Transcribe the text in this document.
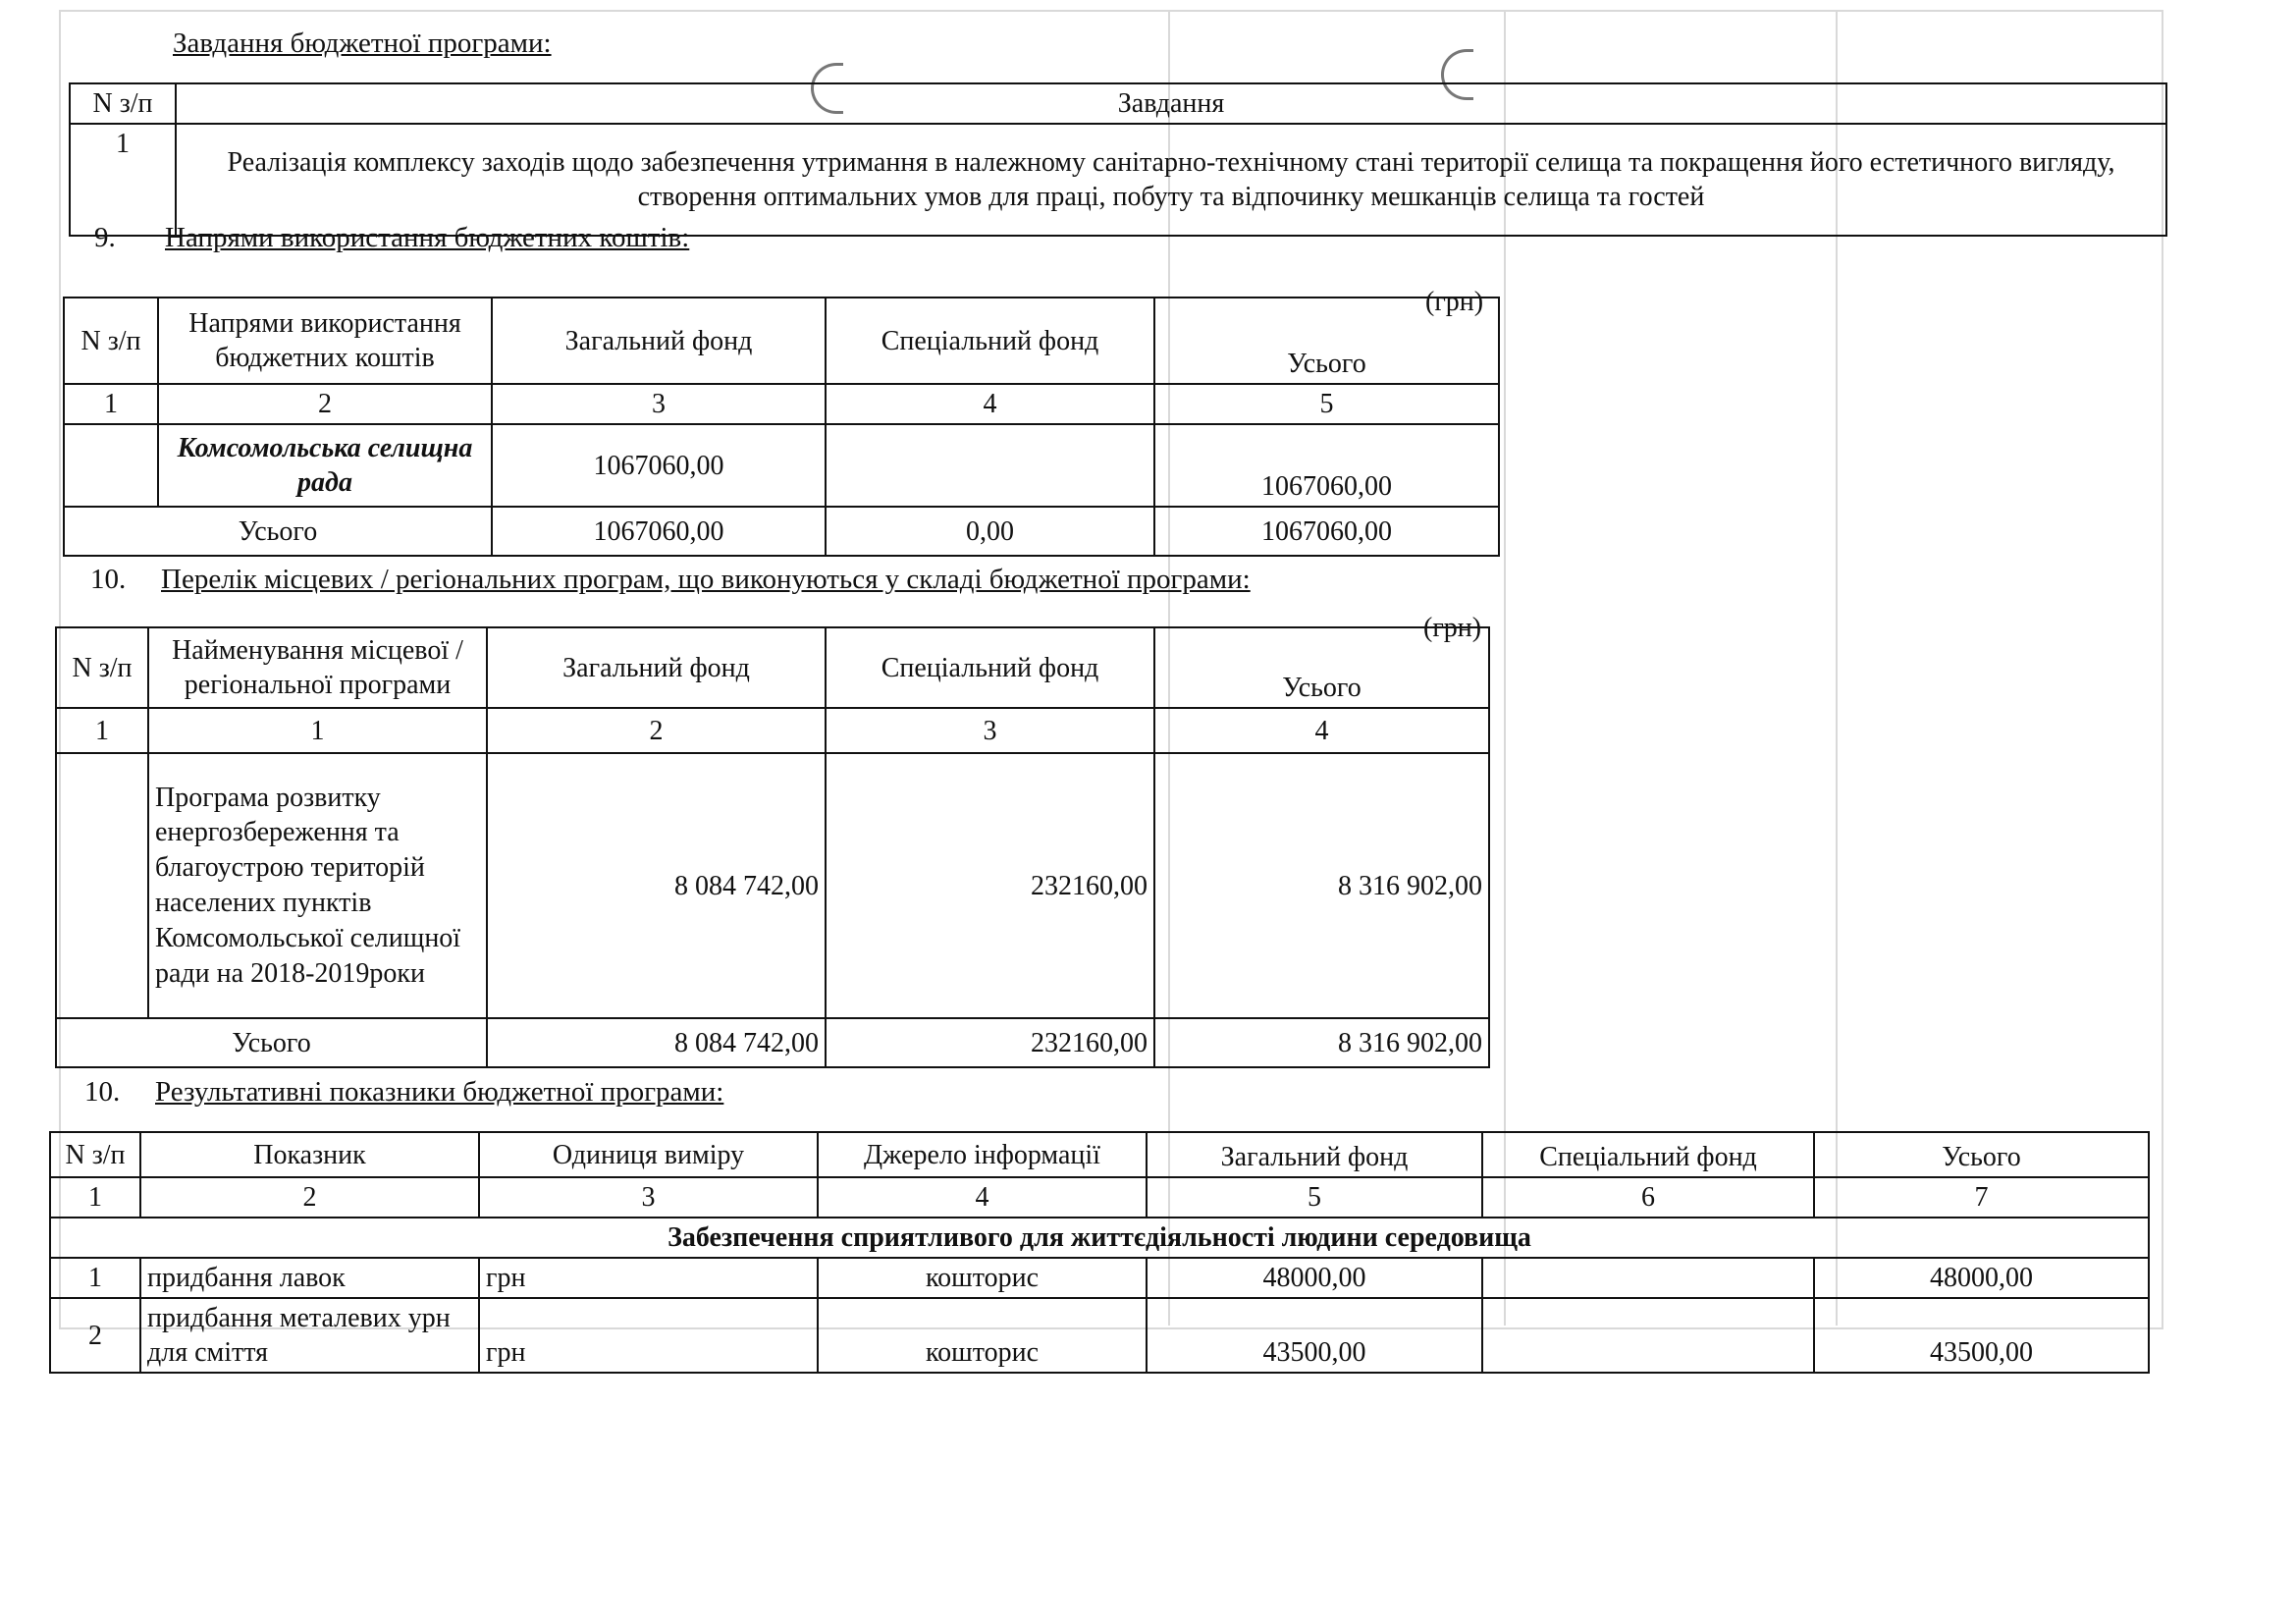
Завдання бюджетної програми:
N з/п	Завдання
1	Реалізація комплексу заходів щодо забезпечення утримання в належному санітарно-технічному стані території селища та покращення його естетичного вигляду, створення оптимальних умов для праці, побуту та відпочинку мешканців селища та гостей
9. Напрями використання бюджетних коштів:
(грн)
N з/п	Напрями використання бюджетних коштів	Загальний фонд	Спеціальний фонд	Усього
1	2	3	4	5
	Комсомольська селищна рада	1067060,00		1067060,00
Усього		1067060,00	0,00	1067060,00
10. Перелік місцевих / регіональних програм, що виконуються у складі бюджетної програми:
(грн)
N з/п	Найменування місцевої / регіональної програми	Загальний фонд	Спеціальний фонд	Усього
1	1	2	3	4
	Програма розвитку енергозбереження та благоустрою територій населених пунктів Комсомольської селищної ради на 2018-2019роки	8 084 742,00	232160,00	8 316 902,00
Усього		8 084 742,00	232160,00	8 316 902,00
10. Результативні показники бюджетної програми:
N з/п	Показник	Одиниця виміру	Джерело інформації	Загальний фонд	Спеціальний фонд	Усього
1	2	3	4	5	6	7
Забезпечення сприятливого для життєдіяльності людини середовища						
1	придбання лавок	грн	кошторис	48000,00		48000,00
2	придбання металевих урн для сміття	грн	кошторис	43500,00		43500,00
